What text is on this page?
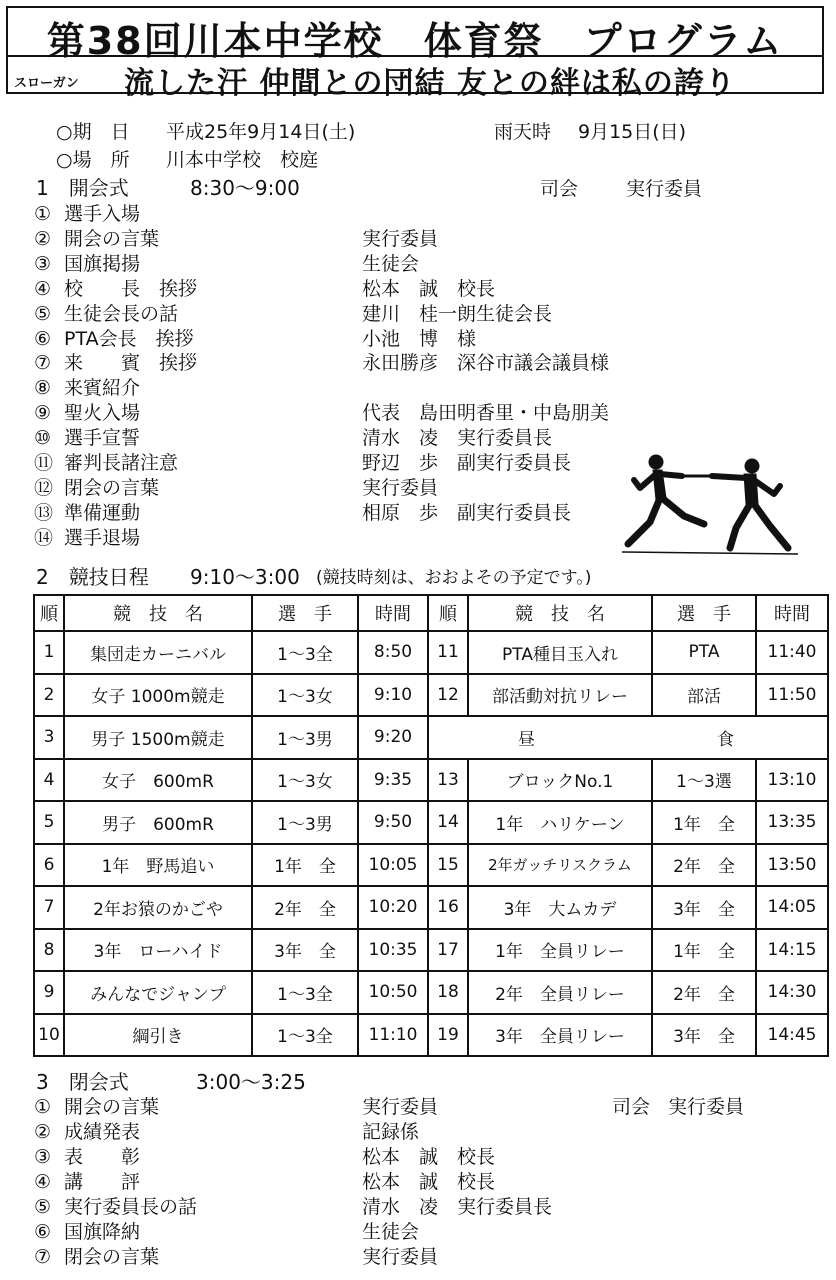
第38回川本中学校　体育祭　プログラム
スローガン 流した汗 仲間との団結 友との絆は私の誇り
○期　日 平成25年9月14日(土)	雨天時 9月15日(日)
○場　所 川本中学校　校庭
1　開会式	8:30～9:00	司会	実行委員
① 選手入場
② 開会の言葉	実行委員
③ 国旗掲揚	生徒会
④ 校　　長　挨拶	松本　誠　校長
⑤ 生徒会長の話	建川　桂一朗生徒会長
⑥ PTA会長　挨拶	小池　博　様
⑦ 来　　賓　挨拶	永田勝彦　深谷市議会議員様
⑧ 来賓紹介
⑨ 聖火入場	代表　島田明香里・中島朋美
⑩ 選手宣誓	清水　凌　実行委員長
⑪ 審判長諸注意	野辺　歩　副実行委員長
⑫ 閉会の言葉	実行委員
⑬ 準備運動	相原　歩　副実行委員長
⑭ 選手退場
2　競技日程 9:10～3:00 (競技時刻は、おおよその予定です。)
順	競　技　名	選　手	時間	順	競　技　名	選　手	時間
1	集団走カーニバル	1～3全	8:50	11	PTA種目玉入れ	PTA	11:40
2	女子 1000m競走	1～3女	9:10	12	部活動対抗リレー	部活	11:50
3	男子 1500m競走	1～3男	9:20	昼 食			
4	女子　600mR	1～3女	9:35	13	ブロックNo.1	1～3選	13:10
5	男子　600mR	1～3男	9:50	14	1年　ハリケーン	1年　全	13:35
6	1年　野馬追い	1年　全	10:05	15	2年ガッチリスクラム	2年　全	13:50
7	2年お猿のかごや	2年　全	10:20	16	3年　大ムカデ	3年　全	14:05
8	3年　ローハイド	3年　全	10:35	17	1年　全員リレー	1年　全	14:15
9	みんなでジャンプ	1～3全	10:50	18	2年　全員リレー	2年　全	14:30
10	綱引き	1～3全	11:10	19	3年　全員リレー	3年　全	14:45
3　閉会式	3:00～3:25
司会 実行委員
① 開会の言葉	実行委員
② 成績発表	記録係
③ 表　　彰	松本　誠　校長
④ 講　　評	松本　誠　校長
⑤ 実行委員長の話	清水　凌　実行委員長
⑥ 国旗降納	生徒会
⑦ 閉会の言葉	実行委員
